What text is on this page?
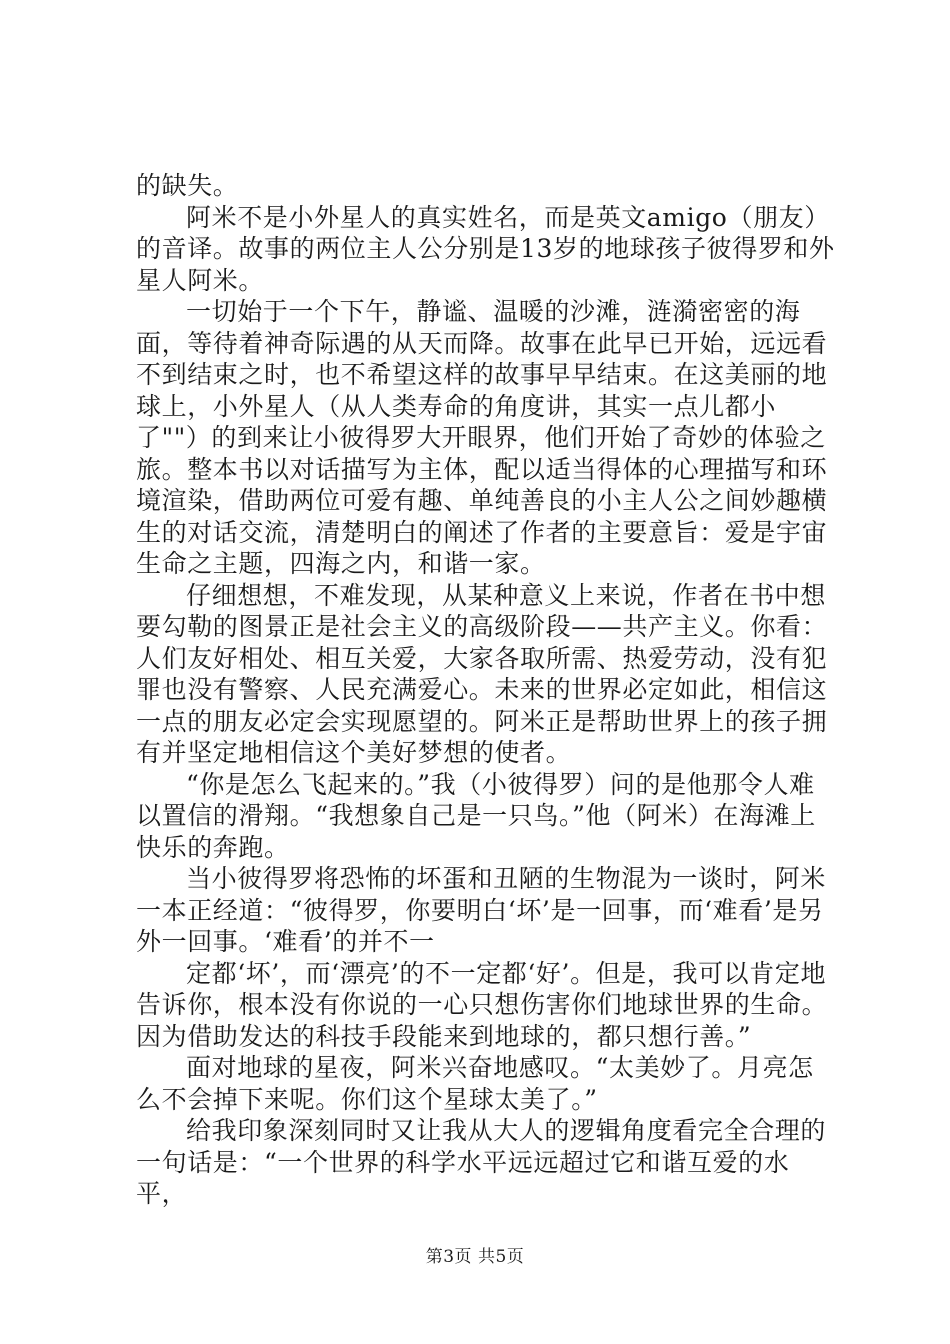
的缺失。

阿米不是小外星人的真实姓名，而是英文amigo（朋友）的音译。故事的两位主人公分别是13岁的地球孩子彼得罗和外星人阿米。

一切始于一个下午，静谧、温暖的沙滩，涟漪密密的海面，等待着神奇际遇的从天而降。故事在此早已开始，远远看不到结束之时，也不希望这样的故事早早结束。在这美丽的地球上，小外星人（从人类寿命的角度讲，其实一点儿都小了""）的到来让小彼得罗大开眼界，他们开始了奇妙的体验之旅。整本书以对话描写为主体，配以适当得体的心理描写和环境渲染，借助两位可爱有趣、单纯善良的小主人公之间妙趣横生的对话交流，清楚明白的阐述了作者的主要意旨：爱是宇宙生命之主题，四海之内，和谐一家。

仔细想想，不难发现，从某种意义上来说，作者在书中想要勾勒的图景正是社会主义的高级阶段——共产主义。你看：人们友好相处、相互关爱，大家各取所需、热爱劳动，没有犯罪也没有警察、人民充满爱心。未来的世界必定如此，相信这一点的朋友必定会实现愿望的。阿米正是帮助世界上的孩子拥有并坚定地相信这个美好梦想的使者。

“你是怎么飞起来的。”我（小彼得罗）问的是他那令人难以置信的滑翔。“我想象自己是一只鸟。”他（阿米）在海滩上快乐的奔跑。

当小彼得罗将恐怖的坏蛋和丑陋的生物混为一谈时，阿米一本正经道：“彼得罗，你要明白‘坏’是一回事，而‘难看’是另外一回事。‘难看’的并不一

定都‘坏’，而‘漂亮’的不一定都‘好’。但是，我可以肯定地告诉你，根本没有你说的一心只想伤害你们地球世界的生命。因为借助发达的科技手段能来到地球的，都只想行善。”

面对地球的星夜，阿米兴奋地感叹。“太美妙了。月亮怎么不会掉下来呢。你们这个星球太美了。”

给我印象深刻同时又让我从大人的逻辑角度看完全合理的一句话是：“一个世界的科学水平远远超过它和谐互爱的水平，

第3页 共5页
